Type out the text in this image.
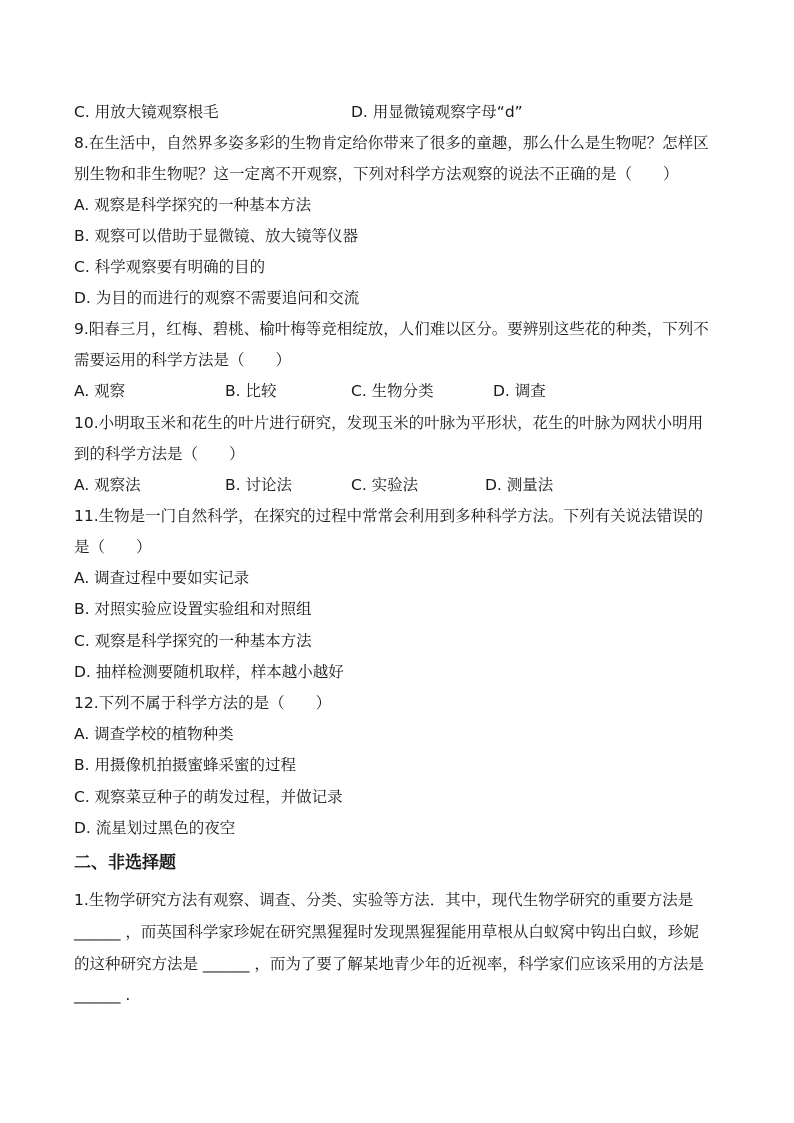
C. 用放大镜观察根毛	D. 用显微镜观察字母“d”
8.在生活中，自然界多姿多彩的生物肯定给你带来了很多的童趣，那么什么是生物呢？怎样区
别生物和非生物呢？这一定离不开观察，下列对科学方法观察的说法不正确的是（　　）
A. 观察是科学探究的一种基本方法
B. 观察可以借助于显微镜、放大镜等仪器
C. 科学观察要有明确的目的
D. 为目的而进行的观察不需要追问和交流
9.阳春三月，红梅、碧桃、榆叶梅等竞相绽放，人们难以区分。要辨别这些花的种类，下列不
需要运用的科学方法是（　　）
A. 观察	B. 比较	C. 生物分类	D. 调查
10.小明取玉米和花生的叶片进行研究，发现玉米的叶脉为平形状，花生的叶脉为网状小明用
到的科学方法是（　　）
A. 观察法	B. 讨论法	C. 实验法	D. 测量法
11.生物是一门自然科学，在探究的过程中常常会利用到多种科学方法。下列有关说法错误的
是（　　）
A. 调查过程中要如实记录
B. 对照实验应设置实验组和对照组
C. 观察是科学探究的一种基本方法
D. 抽样检测要随机取样，样本越小越好
12.下列不属于科学方法的是（　　）
A. 调查学校的植物种类
B. 用摄像机拍摄蜜蜂采蜜的过程
C. 观察菜豆种子的萌发过程，并做记录
D. 流星划过黑色的夜空
二、非选择题
1.生物学研究方法有观察、调查、分类、实验等方法．其中，现代生物学研究的重要方法是
______ ，而英国科学家珍妮在研究黑猩猩时发现黑猩猩能用草根从白蚁窝中钩出白蚁，珍妮
的这种研究方法是 ______ ，而为了要了解某地青少年的近视率，科学家们应该采用的方法是
______ .
